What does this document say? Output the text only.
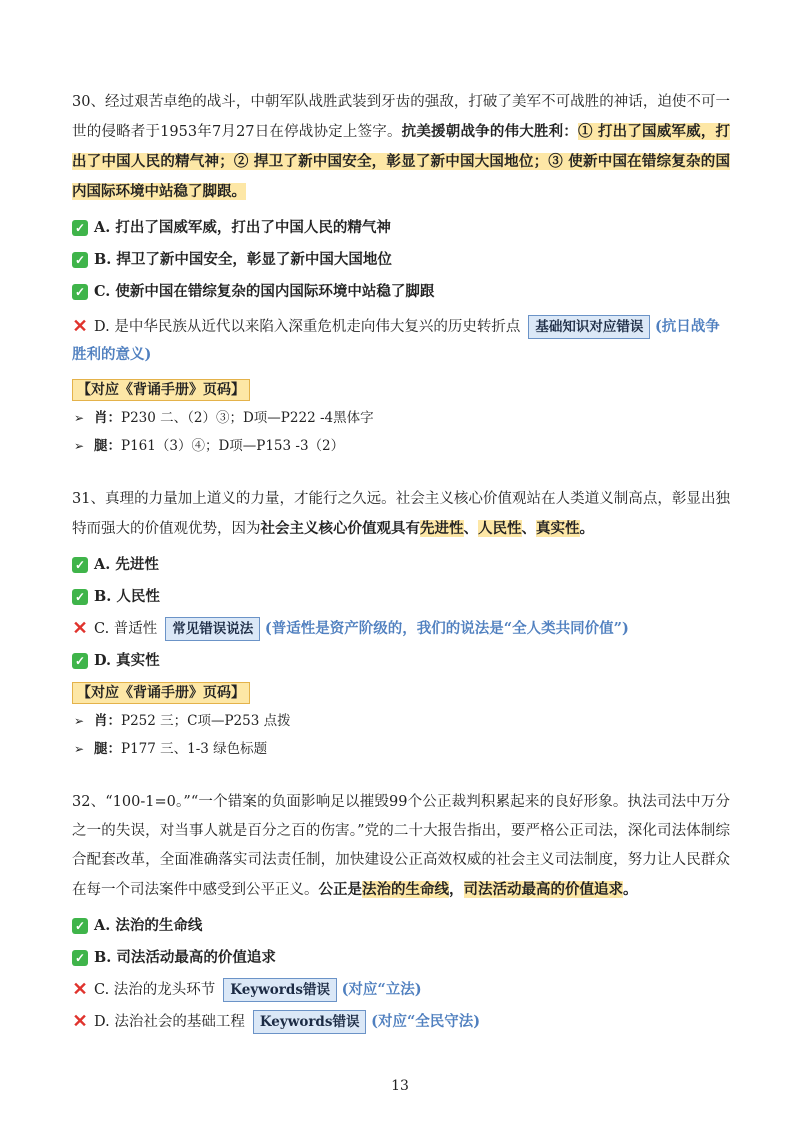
30、经过艰苦卓绝的战斗，中朝军队战胜武装到牙齿的强敌，打破了美军不可战胜的神话，迫使不可一世的侵略者于1953年7月27日在停战协定上签字。抗美援朝战争的伟大胜利：① 打出了国威军威，打出了中国人民的精气神；② 捍卫了新中国安全，彰显了新中国大国地位；③ 使新中国在错综复杂的国内国际环境中站稳了脚跟。

✓ A. 打出了国威军威，打出了中国人民的精气神
✓ B. 捍卫了新中国安全，彰显了新中国大国地位
✓ C. 使新中国在错综复杂的国内国际环境中站稳了脚跟
✕ D. 是中华民族从近代以来陷入深重危机走向伟大复兴的历史转折点 基础知识对应错误 (抗日战争胜利的意义)
【对应《背诵手册》页码】
➢ 肖： P230 二、（2）③；D项—P222 -4黑体字
➢ 腿： P161（3）④；D项—P153 -3（2）

31、真理的力量加上道义的力量，才能行之久远。社会主义核心价值观站在人类道义制高点，彰显出独特而强大的价值观优势，因为社会主义核心价值观具有先进性、人民性、真实性。

✓ A. 先进性
✓ B. 人民性
✕ C. 普适性	常见错误说法
(普适性是资产阶级的，我们的说法是“全人类共同价值”)
✓ D. 真实性
【对应《背诵手册》页码】
➢ 肖： P252 三；C项—P253 点拨
➢ 腿： P177 三、1-3 绿色标题

32、“100-1=0。”“一个错案的负面影响足以摧毁99个公正裁判积累起来的良好形象。执法司法中万分之一的失误，对当事人就是百分之百的伤害。”党的二十大报告指出，要严格公正司法，深化司法体制综合配套改革，全面准确落实司法责任制，加快建设公正高效权威的社会主义司法制度，努力让人民群众在每一个司法案件中感受到公平正义。公正是法治的生命线，司法活动最高的价值追求。

✓ A. 法治的生命线
✓ B. 司法活动最高的价值追求
✕ C. 法治的龙头环节	Keywords错误
(对应“立法)
✕ D. 法治社会的基础工程	Keywords错误
(对应“全民守法)
13
